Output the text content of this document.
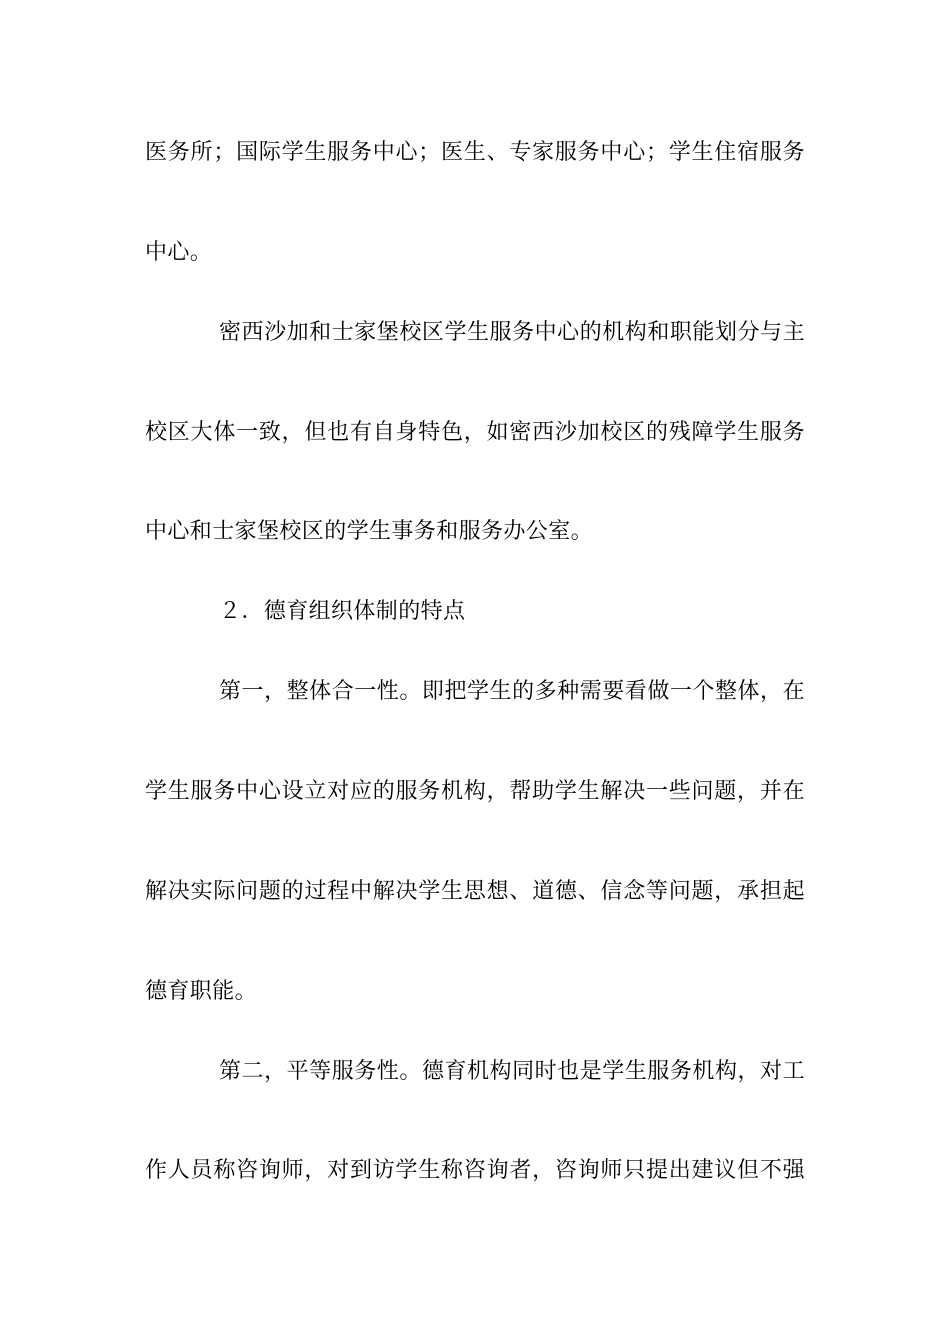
医务所；国际学生服务中心；医生、专家服务中心；学生住宿服务
中心。
密西沙加和士家堡校区学生服务中心的机构和职能划分与主
校区大体一致，但也有自身特色，如密西沙加校区的残障学生服务
中心和士家堡校区的学生事务和服务办公室。
２．德育组织体制的特点
第一，整体合一性。即把学生的多种需要看做一个整体，在
学生服务中心设立对应的服务机构，帮助学生解决一些问题，并在
解决实际问题的过程中解决学生思想、道德、信念等问题，承担起
德育职能。
第二，平等服务性。德育机构同时也是学生服务机构，对工
作人员称咨询师，对到访学生称咨询者，咨询师只提出建议但不强
